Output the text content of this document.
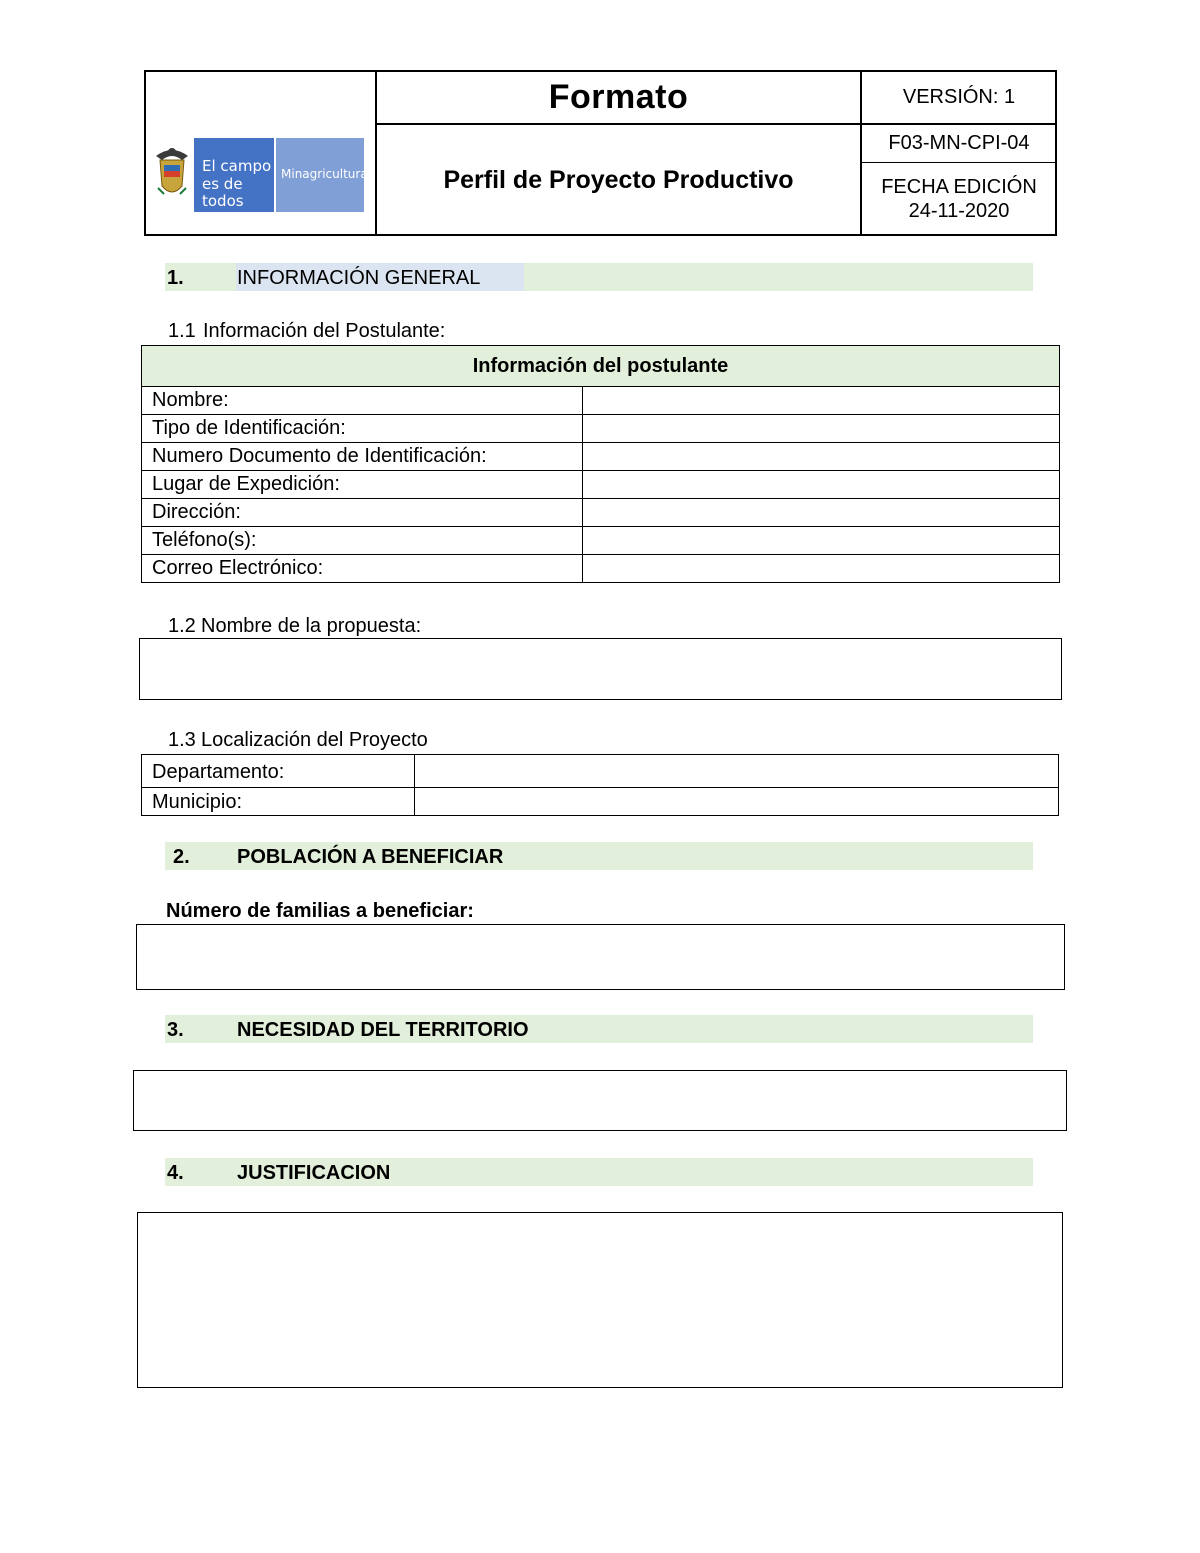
El campo
es de todos
Minagricultura
Formato
Perfil de Proyecto Productivo
VERSIÓN: 1
F03-MN-CPI-04
FECHA EDICIÓN
24-11-2020
1.	INFORMACIÓN GENERAL
1.1 Información del Postulante:
Información del postulante
Nombre:
Tipo de Identificación:
Numero Documento de Identificación:
Lugar de Expedición:
Dirección:
Teléfono(s):
Correo Electrónico:
1.2 Nombre de la propuesta:
1.3 Localización del Proyecto
Departamento:
Municipio:
2. POBLACIÓN A BENEFICIAR
Número de familias a beneficiar:
3.	NECESIDAD DEL TERRITORIO
4.	JUSTIFICACION
